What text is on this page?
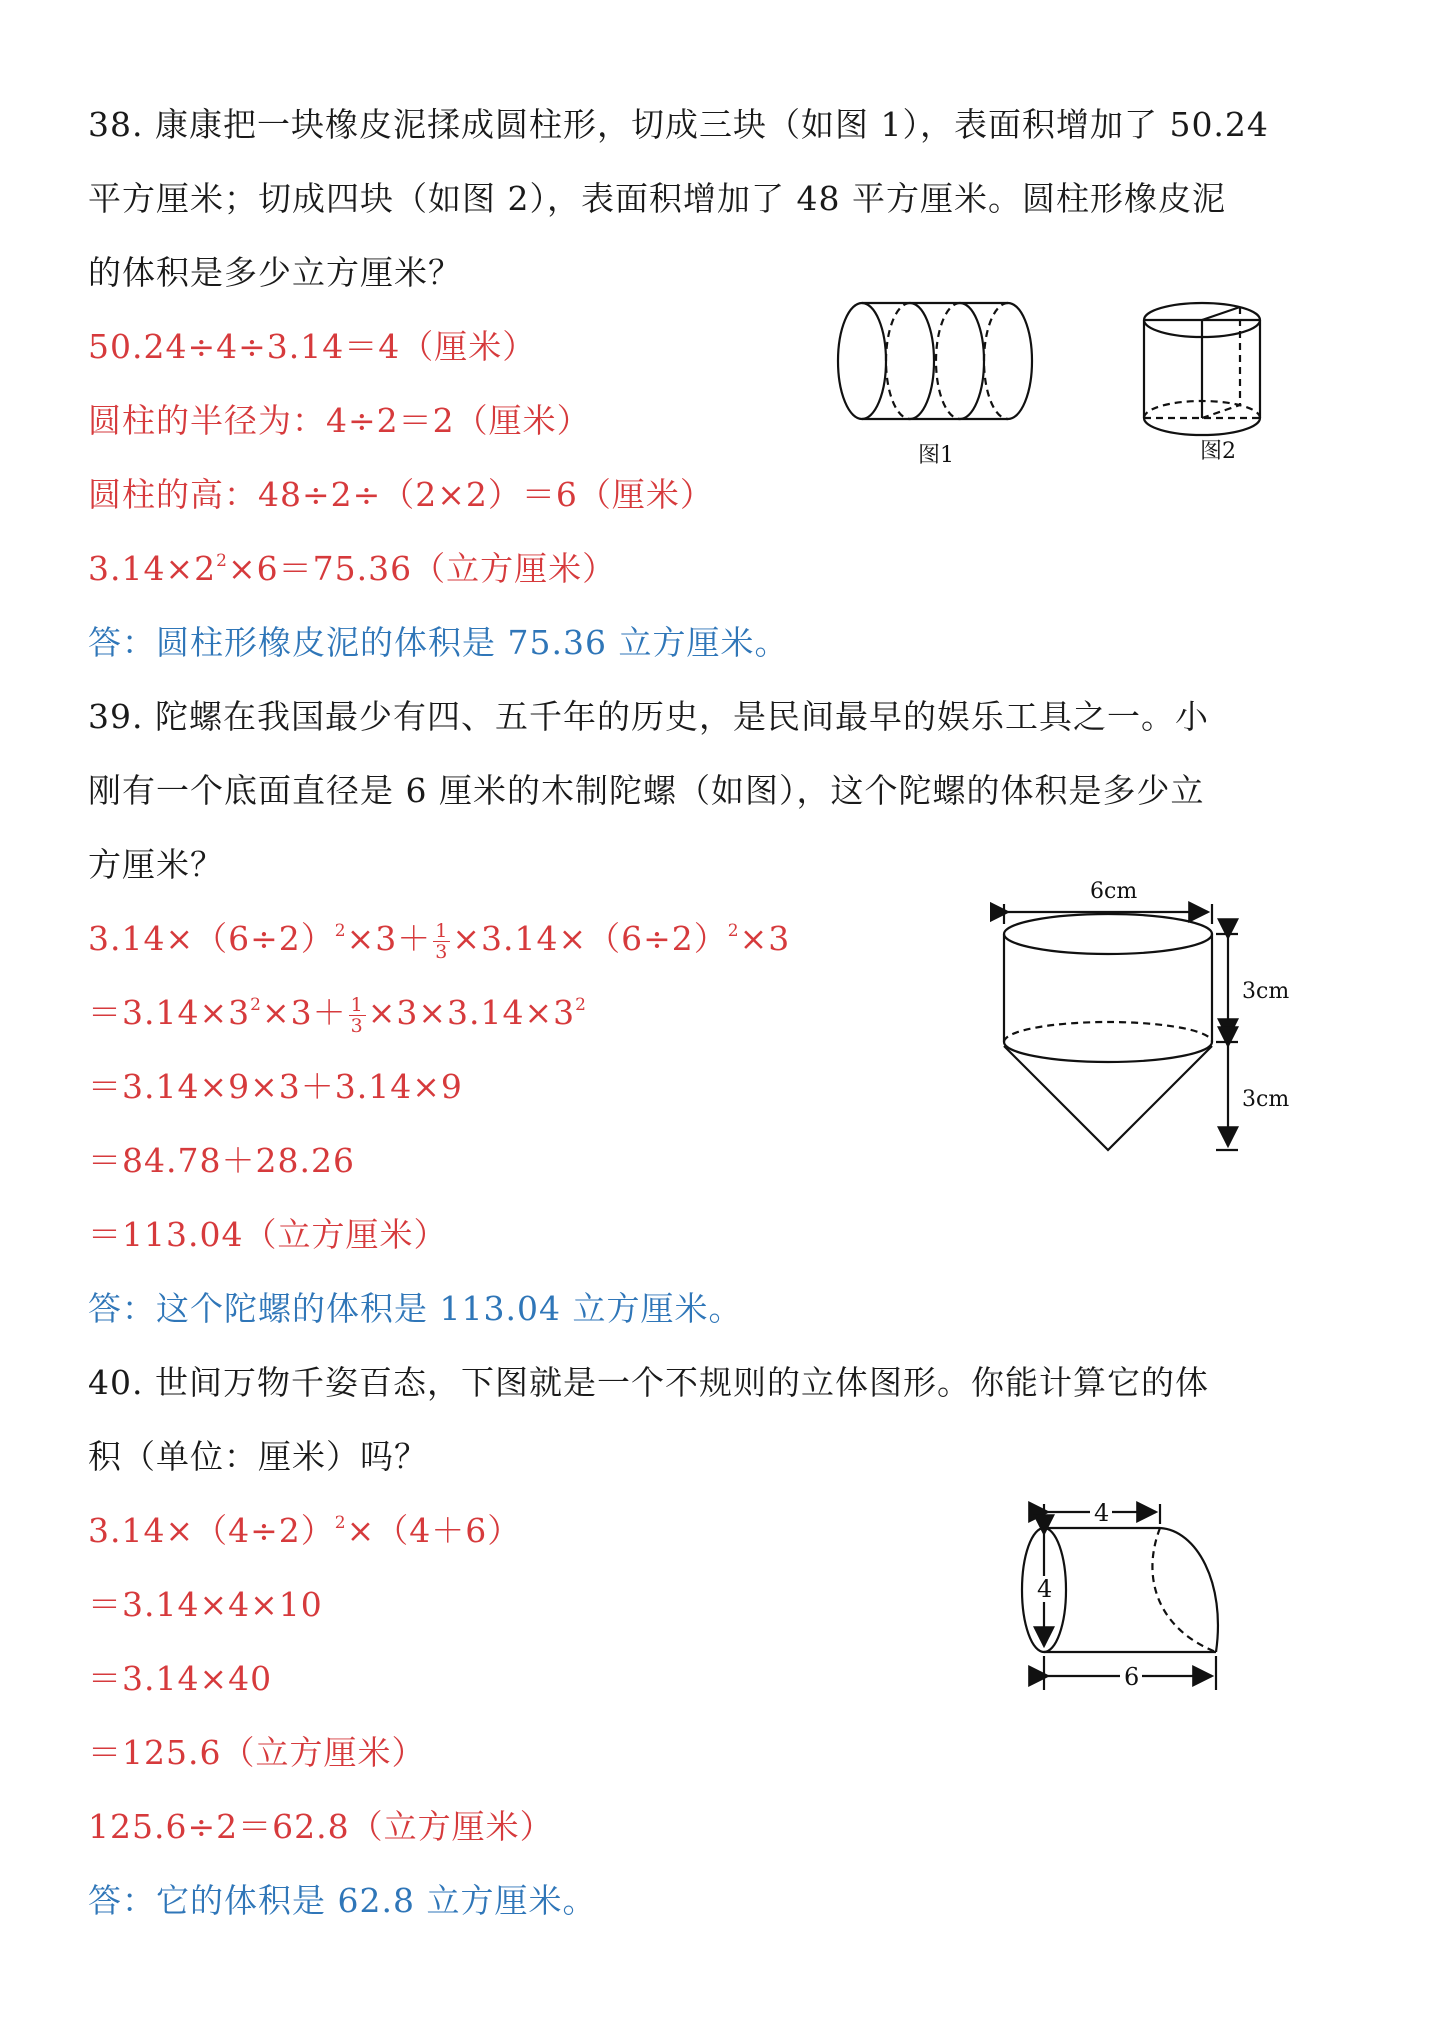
38. 康康把一块橡皮泥揉成圆柱形，切成三块（如图 1），表面积增加了 50.24
平方厘米；切成四块（如图 2），表面积增加了 48 平方厘米。圆柱形橡皮泥
的体积是多少立方厘米？
50.24÷4÷3.14＝4（厘米）
圆柱的半径为：4÷2＝2（厘米）
圆柱的高：48÷2÷（2×2）＝6（厘米）
$3.14\times 2^2\times 6=75.36$（立方厘米）
答：圆柱形橡皮泥的体积是 75.36 立方厘米。
图1	图2
39. 陀螺在我国最少有四、五千年的历史，是民间最早的娱乐工具之一。小
刚有一个底面直径是 6 厘米的木制陀螺（如图），这个陀螺的体积是多少立
方厘米？
$3.14\times(6\div 2)^2\times 3+ \frac{1}{3} \times 3.14\times(6\div 2)^2\times 3$
$=3.14\times 3^2\times 3+ \frac{1}{3} \times 3\times 3.14\times 3^2$
＝3.14×9×3＋3.14×9
＝84.78＋28.26
＝113.04（立方厘米）
答：这个陀螺的体积是 113.04 立方厘米。
6cm
3cm
3cm
40. 世间万物千姿百态，下图就是一个不规则的立体图形。你能计算它的体
积（单位：厘米）吗？
$3.14\times(4\div 2)^2\times(4+6)$
＝3.14×4×10
＝3.14×40
＝125.6（立方厘米）
125.6÷2＝62.8（立方厘米）
答：它的体积是 62.8 立方厘米。
4
4
6
